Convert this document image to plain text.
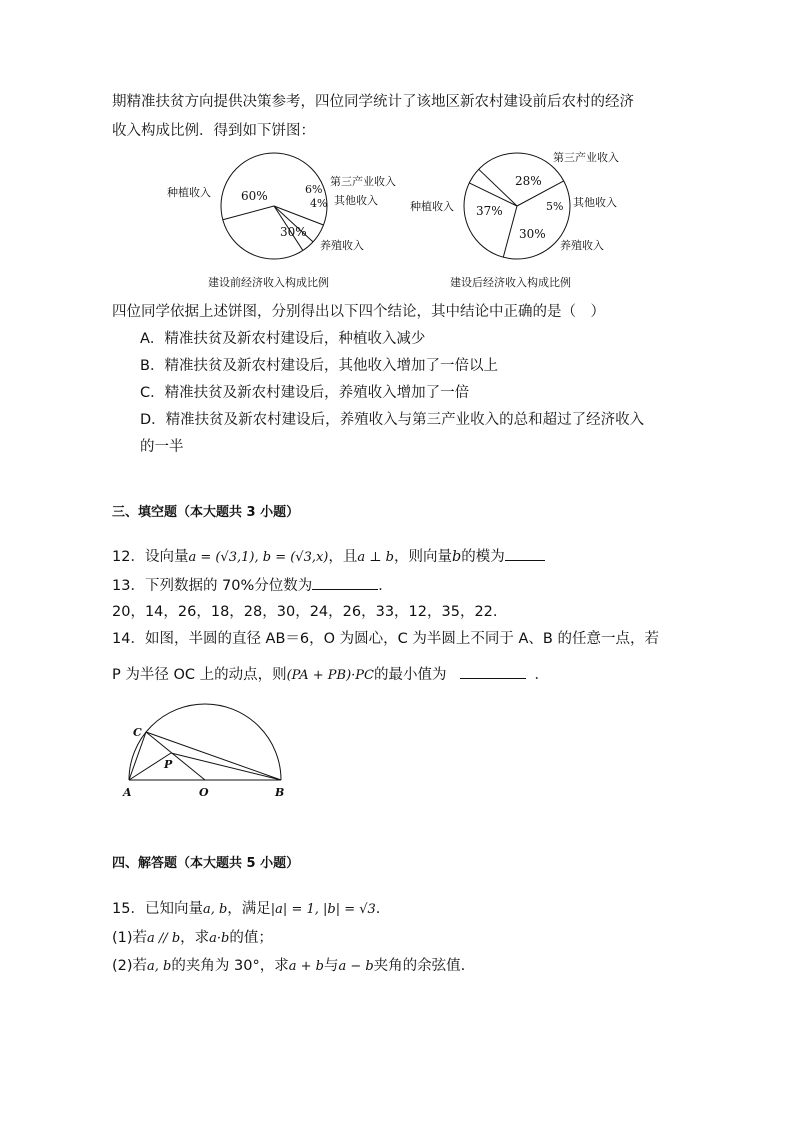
期精准扶贫方向提供决策参考，四位同学统计了该地区新农村建设前后农村的经济
收入构成比例．得到如下饼图：
60%	6%
4%
30%
种植收入
第三产业收入
其他收入
养殖收入
建设前经济收入构成比例
37%
28%
5%
30%
种植收入
第三产业收入
其他收入
养殖收入
建设后经济收入构成比例
四位同学依据上述饼图，分别得出以下四个结论，其中结论中正确的是（　）
A．精准扶贫及新农村建设后，种植收入减少
B．精准扶贫及新农村建设后，其他收入增加了一倍以上
C．精准扶贫及新农村建设后，养殖收入增加了一倍
D．精准扶贫及新农村建设后，养殖收入与第三产业收入的总和超过了经济收入
的一半
三、填空题（本大题共 3 小题）
12．设向量a = (√3,1), b = (√3,x)，且a ⊥ b，则向量b的模为
13．下列数据的 70%分位数为	．
20，14，26，18，28，30，24，26，33，12，35，22.
14．如图，半圆的直径 AB＝6，O 为圆心，C 为半圆上不同于 A、B 的任意一点，若
P 为半径 OC 上的动点，则(PA + PB)·PC的最小值为	．
C
P
A	O	B
四、解答题（本大题共 5 小题）
15．已知向量a, b，满足|a| = 1, |b| = √3.
(1)若a // b，求a·b的值；
(2)若a, b的夹角为 30°，求a + b与a − b夹角的余弦值.
